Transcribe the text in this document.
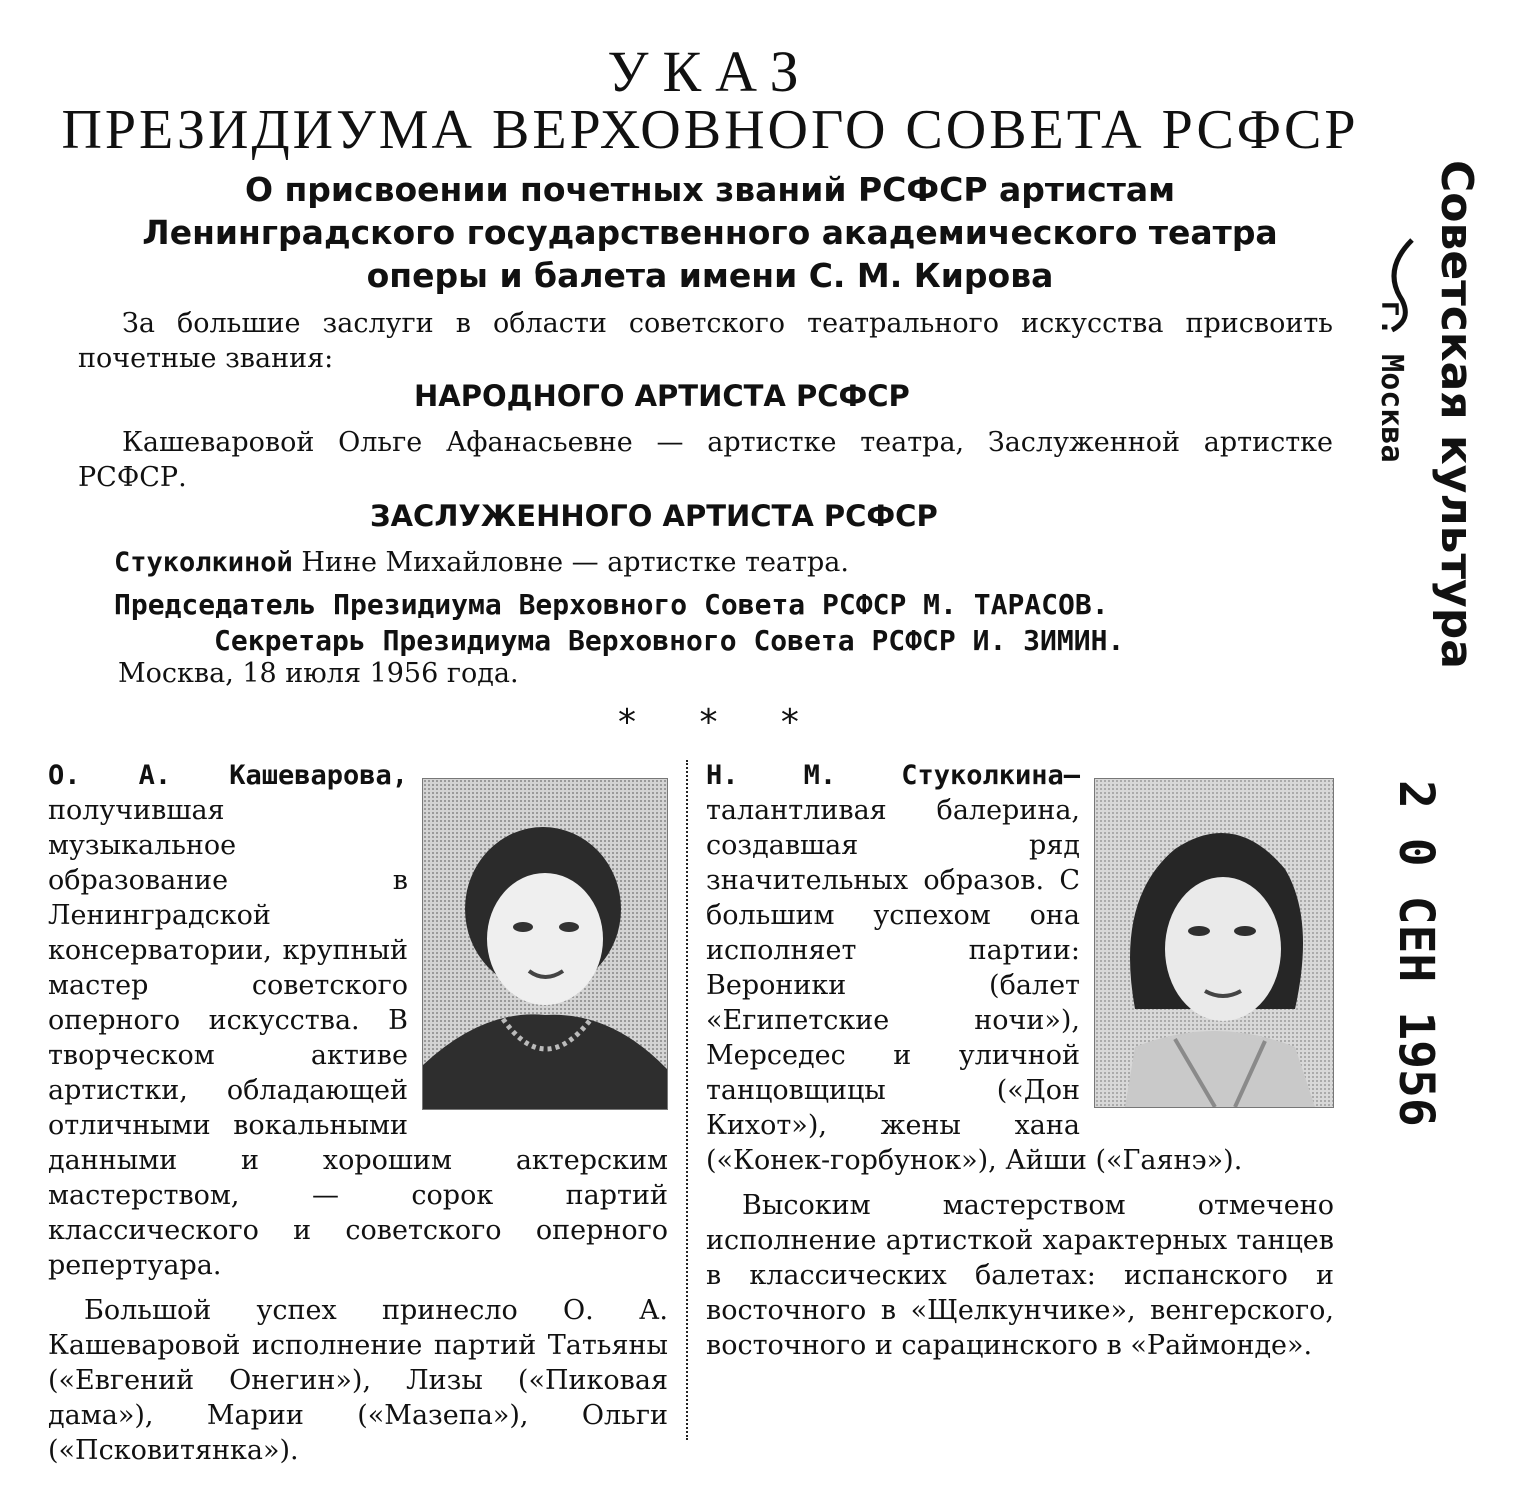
УКАЗ
ПРЕЗИДИУМА ВЕРХОВНОГО СОВЕТА РСФСР
О присвоении почетных званий РСФСР артистам
Ленинградского государственного академического театра
оперы и балета имени С. М. Кирова
За большие заслуги в области советского театрального искусства присвоить почетные звания:
НАРОДНОГО АРТИСТА РСФСР
Кашеваровой Ольге Афанасьевне — артистке театра, Заслуженной артистке РСФСР.
ЗАСЛУЖЕННОГО АРТИСТА РСФСР
Стуколкиной Нине Михайловне — артистке театра.
Председатель Президиума Верховного Совета РСФСР М. ТАРАСОВ.
Секретарь Президиума Верховного Совета РСФСР И. ЗИМИН.
Москва, 18 июля 1956 года.
* * *

О. А. Кашеварова, получившая музыкальное образование в Ленинградской консерватории, крупный мастер советского оперного искусства. В творческом активе артистки, обладающей отличными вокальными данными и хорошим актерским мастерством, — сорок партий классического и советского оперного репертуара.

Большой успех принесло О. А. Кашеваровой исполнение партий Татьяны («Евгений Онегин»), Лизы («Пиковая дама»), Марии («Мазепа»), Ольги («Псковитянка»).

Н. М. Стуколкина— талантливая балерина, создавшая ряд значительных образов. С большим успехом она исполняет партии: Вероники (балет «Египетские ночи»), Мерседес и уличной танцовщицы («Дон Кихот»), жены хана («Конек-горбунок»), Айши («Гаянэ»).

Высоким мастерством отмечено исполнение артисткой характерных танцев в классических балетах: испанского и восточного в «Щелкунчике», венгерского, восточного и сарацинского в «Раймонде».

Советская культура
г. Москва
2 0 СЕН 1956
